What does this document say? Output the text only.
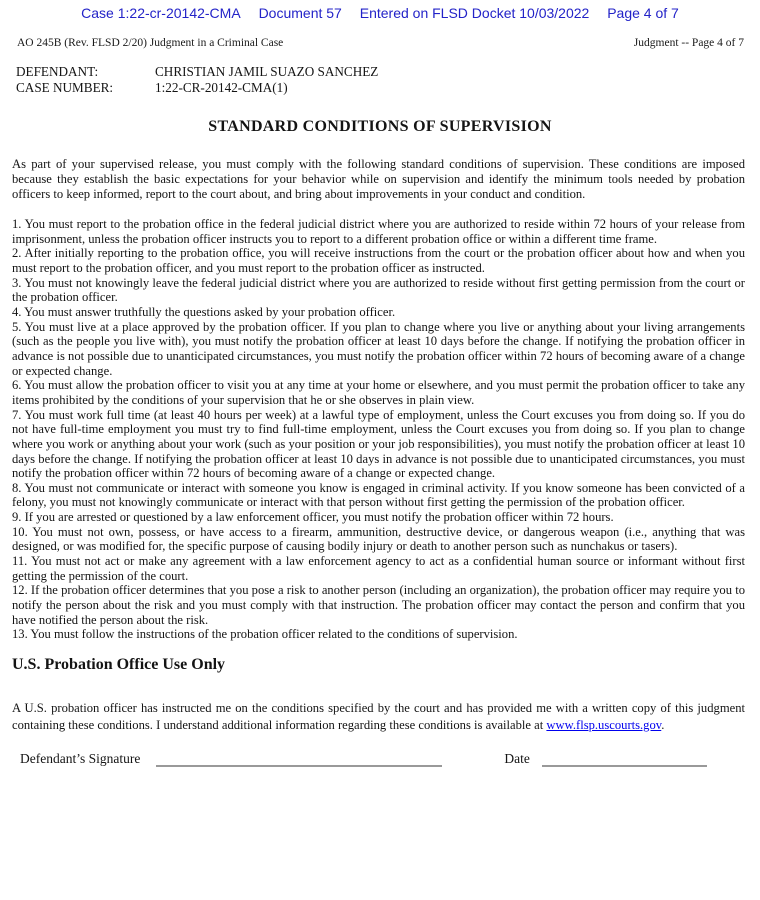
Case 1:22-cr-20142-CMA Document 57 Entered on FLSD Docket 10/03/2022 Page 4 of 7
AO 245B (Rev. FLSD 2/20) Judgment in a Criminal Case	Judgment -- Page 4 of 7
DEFENDANT:	CHRISTIAN JAMIL SUAZO SANCHEZ
CASE NUMBER:	1:22-CR-20142-CMA(1)
STANDARD CONDITIONS OF SUPERVISION
As part of your supervised release, you must comply with the following standard conditions of supervision. These conditions are imposed because they establish the basic expectations for your behavior while on supervision and identify the minimum tools needed by probation officers to keep informed, report to the court about, and bring about improvements in your conduct and condition.

1. You must report to the probation office in the federal judicial district where you are authorized to reside within 72 hours of your release from imprisonment, unless the probation officer instructs you to report to a different probation office or within a different time frame.

2. After initially reporting to the probation office, you will receive instructions from the court or the probation officer about how and when you must report to the probation officer, and you must report to the probation officer as instructed.

3. You must not knowingly leave the federal judicial district where you are authorized to reside without first getting permission from the court or the probation officer.

4. You must answer truthfully the questions asked by your probation officer.

5. You must live at a place approved by the probation officer. If you plan to change where you live or anything about your living arrangements (such as the people you live with), you must notify the probation officer at least 10 days before the change. If notifying the probation officer in advance is not possible due to unanticipated circumstances, you must notify the probation officer within 72 hours of becoming aware of a change or expected change.

6. You must allow the probation officer to visit you at any time at your home or elsewhere, and you must permit the probation officer to take any items prohibited by the conditions of your supervision that he or she observes in plain view.

7. You must work full time (at least 40 hours per week) at a lawful type of employment, unless the Court excuses you from doing so. If you do not have full-time employment you must try to find full-time employment, unless the Court excuses you from doing so. If you plan to change where you work or anything about your work (such as your position or your job responsibilities), you must notify the probation officer at least 10 days before the change. If notifying the probation officer at least 10 days in advance is not possible due to unanticipated circumstances, you must notify the probation officer within 72 hours of becoming aware of a change or expected change.

8. You must not communicate or interact with someone you know is engaged in criminal activity. If you know someone has been convicted of a felony, you must not knowingly communicate or interact with that person without first getting the permission of the probation officer.

9. If you are arrested or questioned by a law enforcement officer, you must notify the probation officer within 72 hours.

10. You must not own, possess, or have access to a firearm, ammunition, destructive device, or dangerous weapon (i.e., anything that was designed, or was modified for, the specific purpose of causing bodily injury or death to another person such as nunchakus or tasers).

11. You must not act or make any agreement with a law enforcement agency to act as a confidential human source or informant without first getting the permission of the court.

12. If the probation officer determines that you pose a risk to another person (including an organization), the probation officer may require you to notify the person about the risk and you must comply with that instruction. The probation officer may contact the person and confirm that you have notified the person about the risk.

13. You must follow the instructions of the probation officer related to the conditions of supervision.

U.S. Probation Office Use Only
A U.S. probation officer has instructed me on the conditions specified by the court and has provided me with a written copy of this judgment containing these conditions. I understand additional information regarding these conditions is available at www.flsp.uscourts.gov.
Defendant’s Signature	Date
